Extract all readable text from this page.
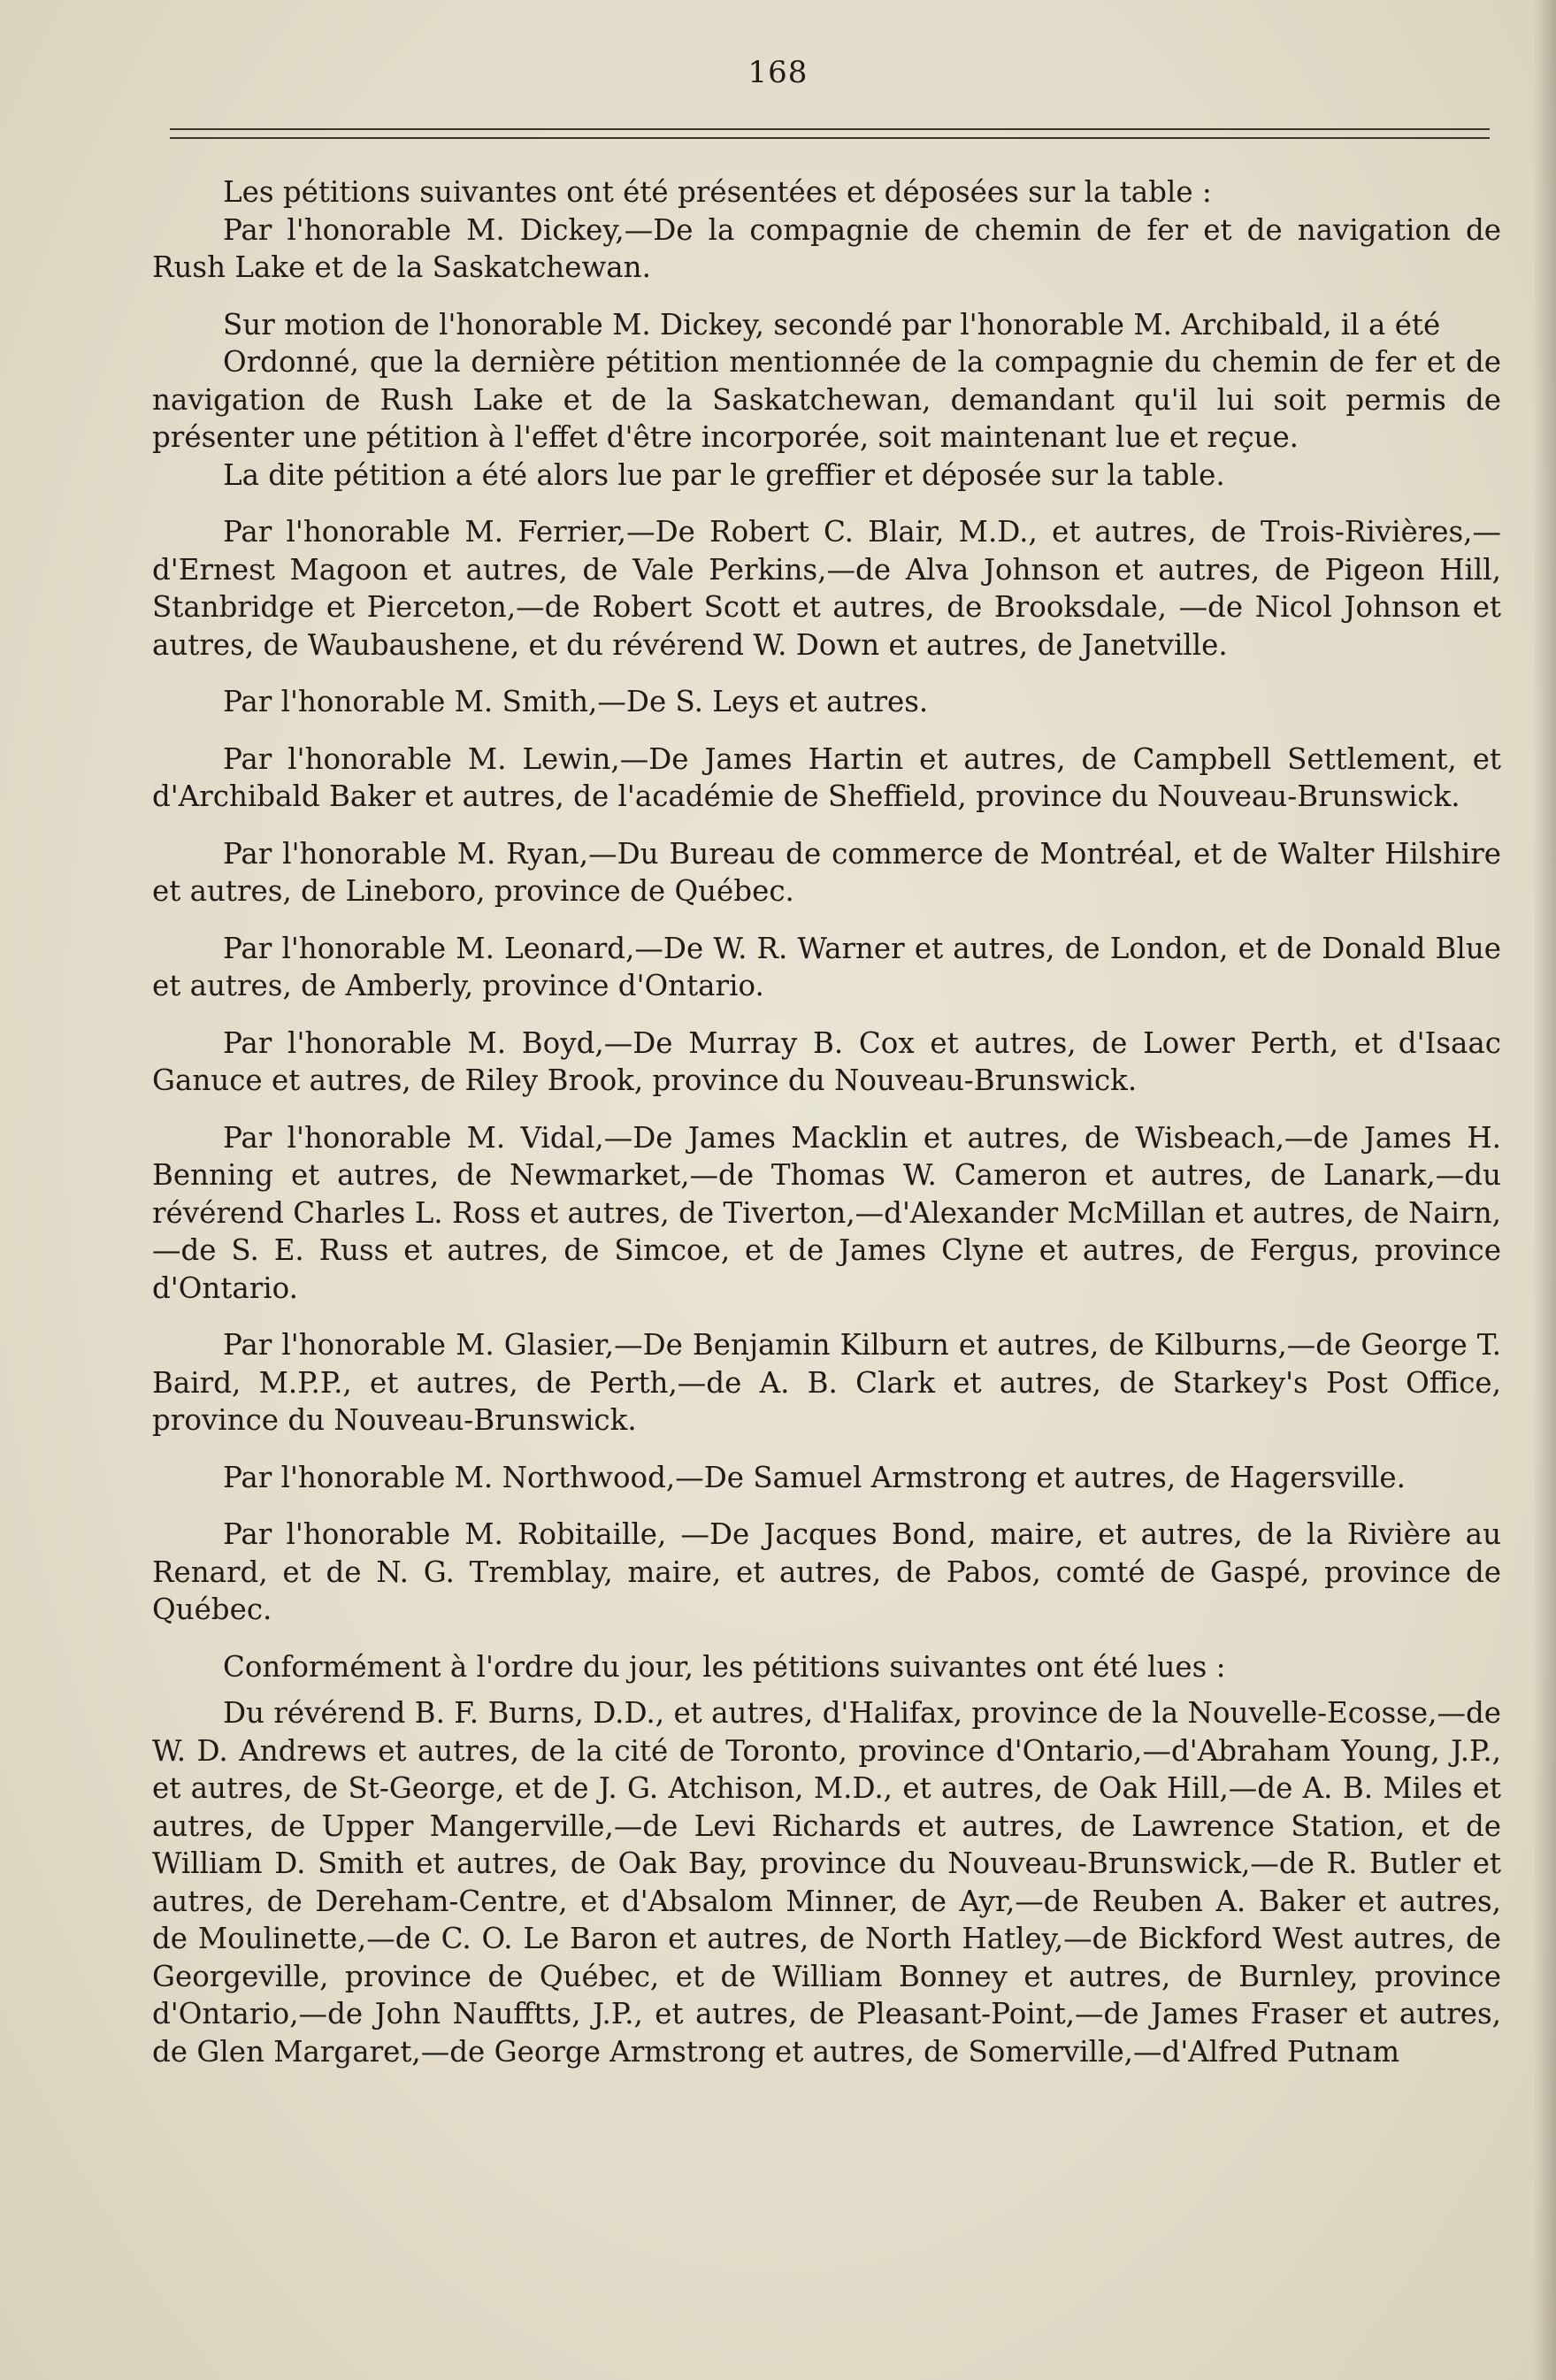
168

Les pétitions suivantes ont été présentées et déposées sur la table :

Par l'honorable M. Dickey,—De la compagnie de chemin de fer et de navigation de Rush Lake et de la Saskatchewan.

Sur motion de l'honorable M. Dickey, secondé par l'honorable M. Archibald, il a été

Ordonné, que la dernière pétition mentionnée de la compagnie du chemin de fer et de navigation de Rush Lake et de la Saskatchewan, demandant qu'il lui soit permis de présenter une pétition à l'effet d'être incorporée, soit maintenant lue et reçue.

La dite pétition a été alors lue par le greffier et déposée sur la table.

Par l'honorable M. Ferrier,—De Robert C. Blair, M.D., et autres, de Trois-Rivières,—d'Ernest Magoon et autres, de Vale Perkins,—de Alva Johnson et autres, de Pigeon Hill, Stanbridge et Pierceton,—de Robert Scott et autres, de Brooksdale, —de Nicol Johnson et autres, de Waubaushene, et du révérend W. Down et autres, de Janetville.

Par l'honorable M. Smith,—De S. Leys et autres.

Par l'honorable M. Lewin,—De James Hartin et autres, de Campbell Settlement, et d'Archibald Baker et autres, de l'académie de Sheffield, province du Nouveau-Brunswick.

Par l'honorable M. Ryan,—Du Bureau de commerce de Montréal, et de Walter Hilshire et autres, de Lineboro, province de Québec.

Par l'honorable M. Leonard,—De W. R. Warner et autres, de London, et de Donald Blue et autres, de Amberly, province d'Ontario.

Par l'honorable M. Boyd,—De Murray B. Cox et autres, de Lower Perth, et d'Isaac Ganuce et autres, de Riley Brook, province du Nouveau-Brunswick.

Par l'honorable M. Vidal,—De James Macklin et autres, de Wisbeach,—de James H. Benning et autres, de Newmarket,—de Thomas W. Cameron et autres, de Lanark,—du révérend Charles L. Ross et autres, de Tiverton,—d'Alexander McMillan et autres, de Nairn,—de S. E. Russ et autres, de Simcoe, et de James Clyne et autres, de Fergus, province d'Ontario.

Par l'honorable M. Glasier,—De Benjamin Kilburn et autres, de Kilburns,—de George T. Baird, M.P.P., et autres, de Perth,—de A. B. Clark et autres, de Starkey's Post Office, province du Nouveau-Brunswick.

Par l'honorable M. Northwood,—De Samuel Armstrong et autres, de Hagersville.

Par l'honorable M. Robitaille, —De Jacques Bond, maire, et autres, de la Rivière au Renard, et de N. G. Tremblay, maire, et autres, de Pabos, comté de Gaspé, province de Québec.

Conformément à l'ordre du jour, les pétitions suivantes ont été lues :

Du révérend B. F. Burns, D.D., et autres, d'Halifax, province de la Nouvelle-Ecosse,—de W. D. Andrews et autres, de la cité de Toronto, province d'Ontario,—d'Abraham Young, J.P., et autres, de St-George, et de J. G. Atchison, M.D., et autres, de Oak Hill,—de A. B. Miles et autres, de Upper Mangerville,—de Levi Richards et autres, de Lawrence Station, et de William D. Smith et autres, de Oak Bay, province du Nouveau-Brunswick,—de R. Butler et autres, de Dereham-Centre, et d'Absalom Minner, de Ayr,—de Reuben A. Baker et autres, de Moulinette,—de C. O. Le Baron et autres, de North Hatley,—de Bickford West autres, de Georgeville, province de Québec, et de William Bonney et autres, de Burnley, province d'Ontario,—de John Naufftts, J.P., et autres, de Pleasant-Point,—de James Fraser et autres, de Glen Margaret,—de George Armstrong et autres, de Somerville,—d'Alfred Putnam
